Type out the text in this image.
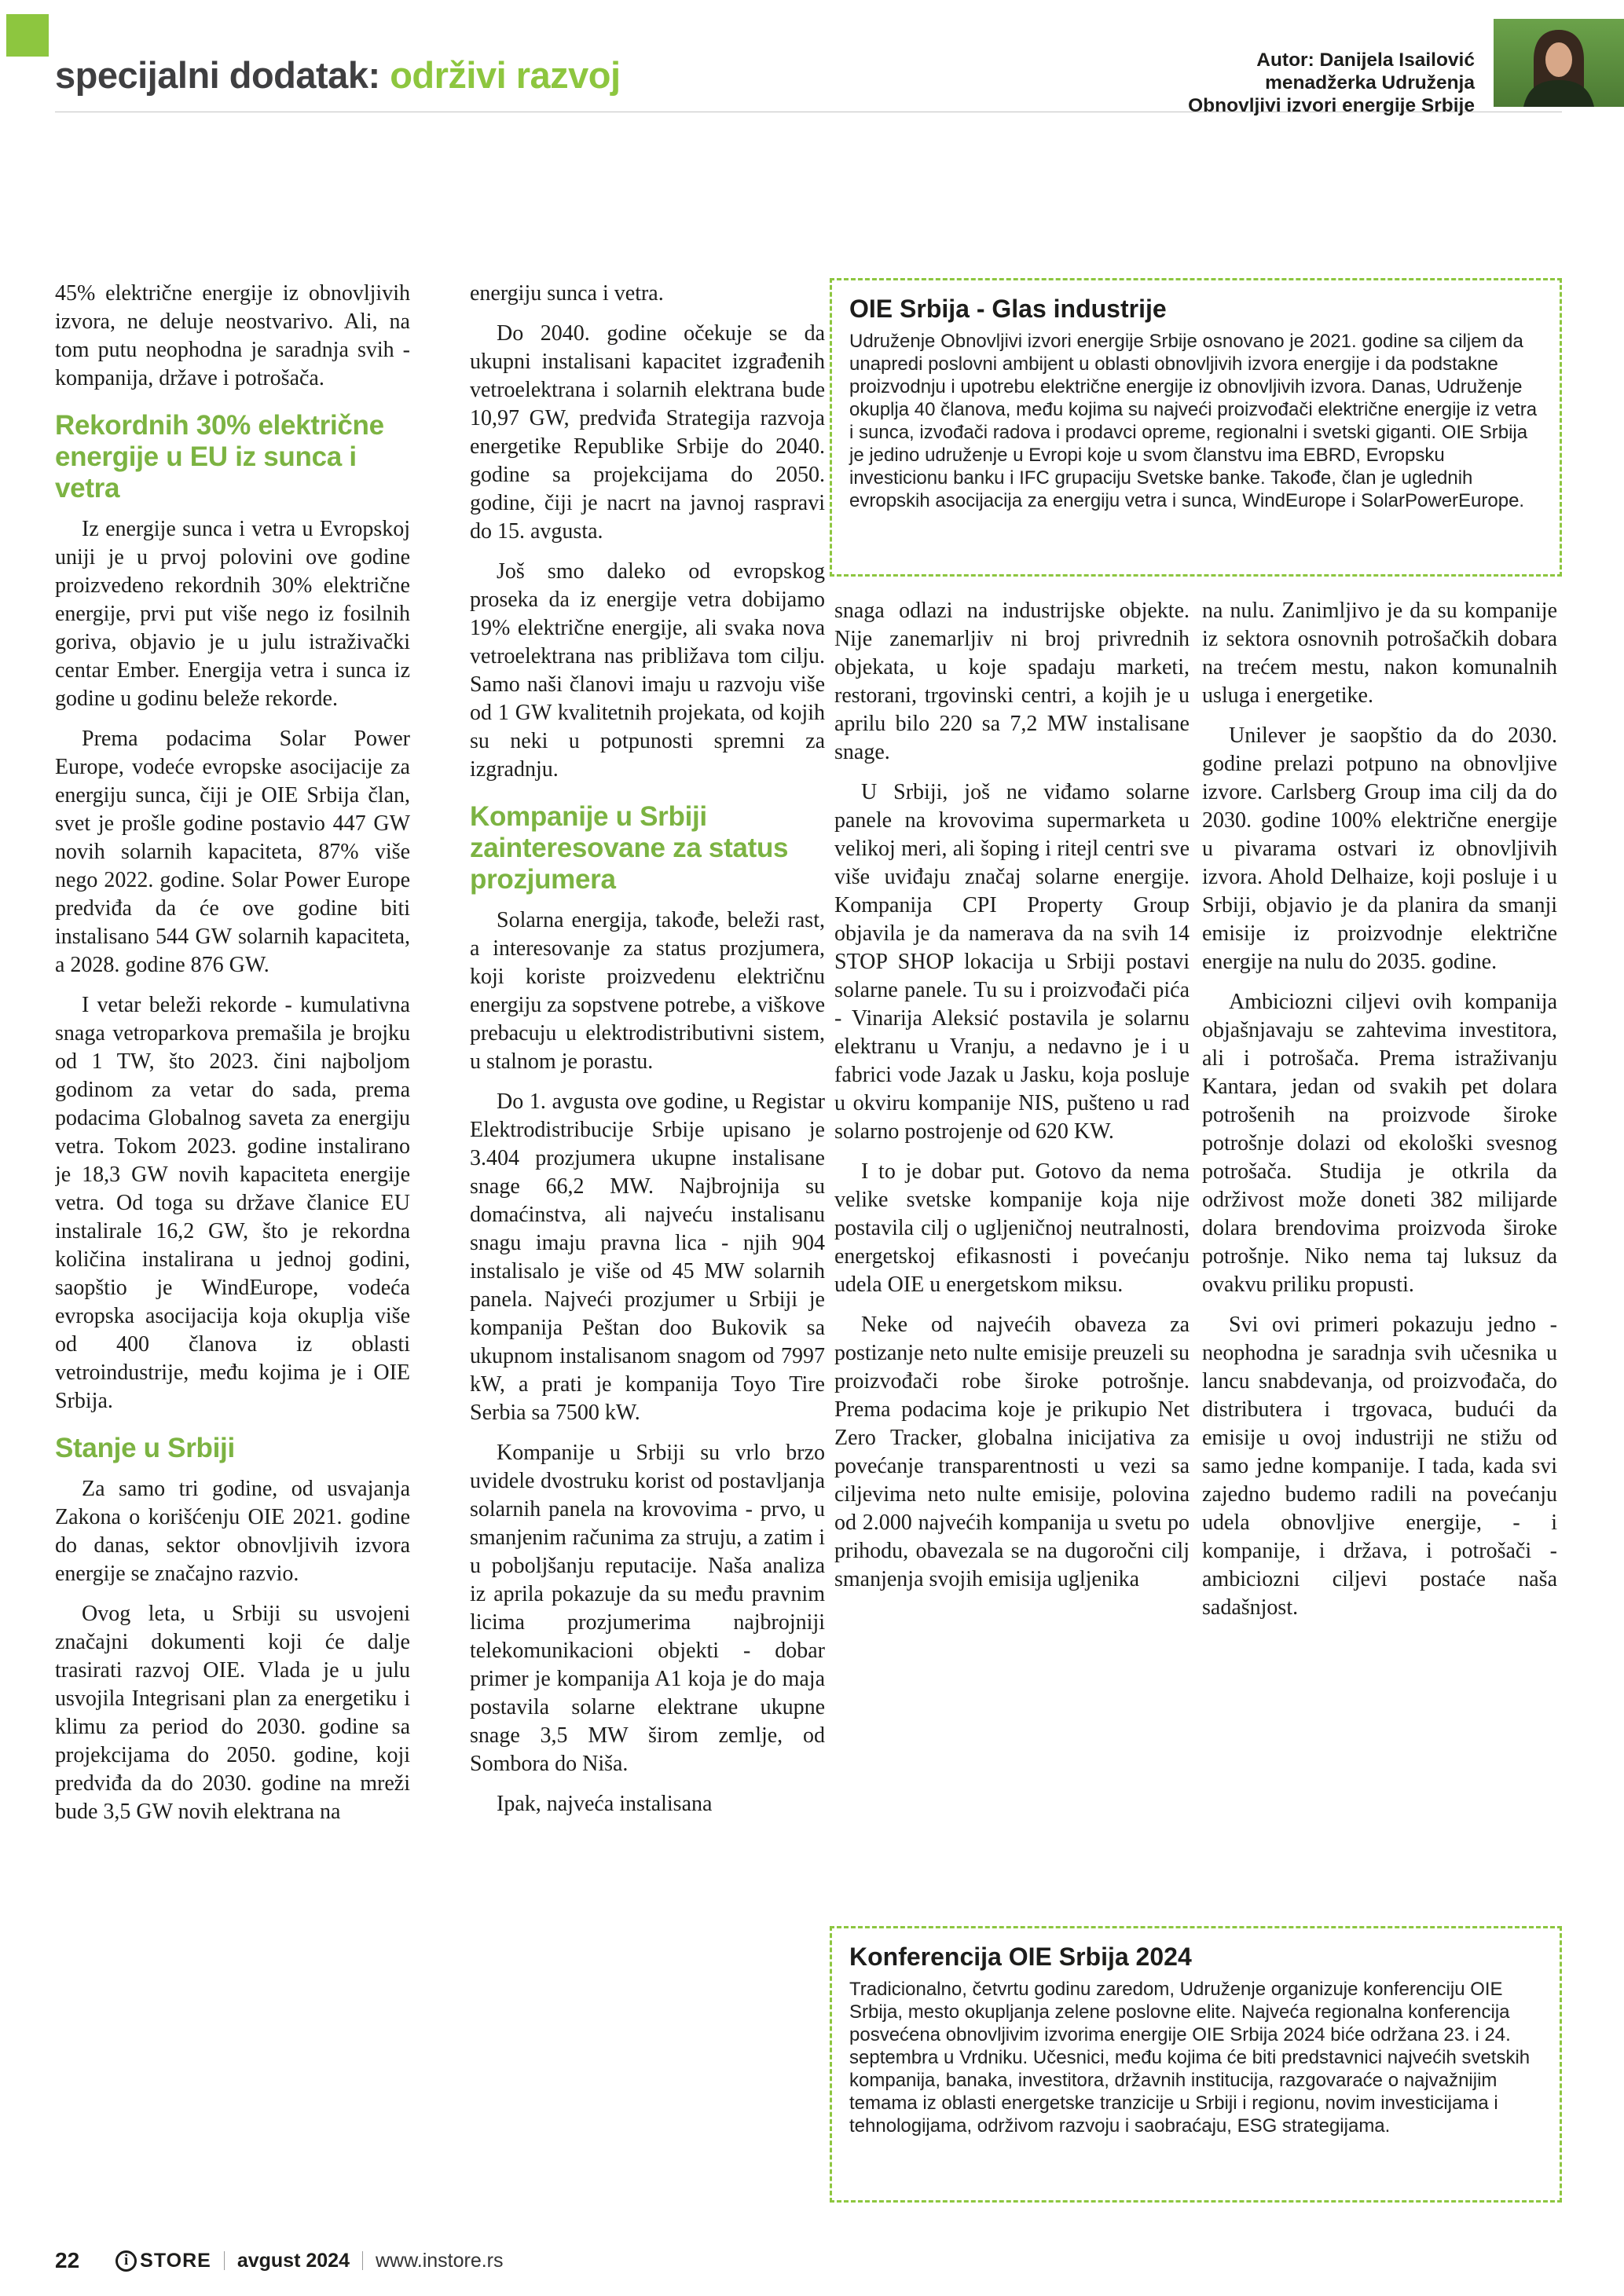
specijalni dodatak: održivi razvoj	Autor: Danijela Isailović
menadžerka Udruženja
Obnovljivi izvori energije Srbije

45% električne energije iz obnovljivih izvora, ne deluje neostvarivo. Ali, na tom putu neophodna je saradnja svih - kompanija, države i potrošača.

Rekordnih 30% električne energije u EU iz sunca i vetra

Iz energije sunca i vetra u Evropskoj uniji je u prvoj polovini ove godine proizvedeno rekordnih 30% električne energije, prvi put više nego iz fosilnih goriva, objavio je u julu istraživački centar Ember. Energija vetra i sunca iz godine u godinu beleže rekorde.

Prema podacima Solar Power Europe, vodeće evropske asocijacije za energiju sunca, čiji je OIE Srbija član, svet je prošle godine postavio 447 GW novih solarnih kapaciteta, 87% više nego 2022. godine. Solar Power Europe predviđa da će ove godine biti instalisano 544 GW solarnih kapaciteta, a 2028. godine 876 GW.

I vetar beleži rekorde - kumulativna snaga vetroparkova premašila je brojku od 1 TW, što 2023. čini najboljom godinom za vetar do sada, prema podacima Globalnog saveta za energiju vetra. Tokom 2023. godine instalirano je 18,3 GW novih kapaciteta energije vetra. Od toga su države članice EU instalirale 16,2 GW, što je rekordna količina instalirana u jednoj godini, saopštio je WindEurope, vodeća evropska asocijacija koja okuplja više od 400 članova iz oblasti vetroindustrije, među kojima je i OIE Srbija.

Stanje u Srbiji

Za samo tri godine, od usvajanja Zakona o korišćenju OIE 2021. godine do danas, sektor obnovljivih izvora energije se značajno razvio.

Ovog leta, u Srbiji su usvojeni značajni dokumenti koji će dalje trasirati razvoj OIE. Vlada je u julu usvojila Integrisani plan za energetiku i klimu za period do 2030. godine sa projekcijama do 2050. godine, koji predviđa da do 2030. godine na mreži bude 3,5 GW novih elektrana na

energiju sunca i vetra.

Do 2040. godine očekuje se da ukupni instalisani kapacitet izgrađenih vetroelektrana i solarnih elektrana bude 10,97 GW, predviđa Strategija razvoja energetike Republike Srbije do 2040. godine sa projekcijama do 2050. godine, čiji je nacrt na javnoj raspravi do 15. avgusta.

Još smo daleko od evropskog proseka da iz energije vetra dobijamo 19% električne energije, ali svaka nova vetroelektrana nas približava tom cilju. Samo naši članovi imaju u razvoju više od 1 GW kvalitetnih projekata, od kojih su neki u potpunosti spremni za izgradnju.

Kompanije u Srbiji zainteresovane za status prozjumera

Solarna energija, takođe, beleži rast, a interesovanje za status prozjumera, koji koriste proizvedenu električnu energiju za sopstvene potrebe, a viškove prebacuju u elektrodistributivni sistem, u stalnom je porastu.

Do 1. avgusta ove godine, u Registar Elektrodistribucije Srbije upisano je 3.404 prozjumera ukupne instalisane snage 66,2 MW. Najbrojnija su domaćinstva, ali najveću instalisanu snagu imaju pravna lica - njih 904 instalisalo je više od 45 MW solarnih panela. Najveći prozjumer u Srbiji je kompanija Peštan doo Bukovik sa ukupnom instalisanom snagom od 7997 kW, a prati je kompanija Toyo Tire Serbia sa 7500 kW.

Kompanije u Srbiji su vrlo brzo uvidele dvostruku korist od postavljanja solarnih panela na krovovima - prvo, u smanjenim računima za struju, a zatim i u poboljšanju reputacije. Naša analiza iz aprila pokazuje da su među pravnim licima prozjumerima najbrojniji telekomunikacioni objekti - dobar primer je kompanija A1 koja je do maja postavila solarne elektrane ukupne snage 3,5 MW širom zemlje, od Sombora do Niša.

Ipak, najveća instalisana

OIE Srbija - Glas industrije
Udruženje Obnovljivi izvori energije Srbije osnovano je 2021. godine sa ciljem da unapredi poslovni ambijent u oblasti obnovljivih izvora energije i da podstakne proizvodnju i upotrebu električne energije iz obnovljivih izvora. Danas, Udruženje okuplja 40 članova, među kojima su najveći proizvođači električne energije iz vetra i sunca, izvođači radova i prodavci opreme, regionalni i svetski giganti. OIE Srbija je jedino udruženje u Evropi koje u svom članstvu ima EBRD, Evropsku investicionu banku i IFC grupaciju Svetske banke. Takođe, član je uglednih evropskih asocijacija za energiju vetra i sunca, WindEurope i SolarPowerEurope.

snaga odlazi na industrijske objekte. Nije zanemarljiv ni broj privrednih objekata, u koje spadaju marketi, restorani, trgovinski centri, a kojih je u aprilu bilo 220 sa 7,2 MW instalisane snage.

U Srbiji, još ne viđamo solarne panele na krovovima supermarketa u velikoj meri, ali šoping i ritejl centri sve više uviđaju značaj solarne energije. Kompanija CPI Property Group objavila je da namerava da na svih 14 STOP SHOP lokacija u Srbiji postavi solarne panele. Tu su i proizvođači pića - Vinarija Aleksić postavila je solarnu elektranu u Vranju, a nedavno je i u fabrici vode Jazak u Jasku, koja posluje u okviru kompanije NIS, pušteno u rad solarno postrojenje od 620 KW.

I to je dobar put. Gotovo da nema velike svetske kompanije koja nije postavila cilj o ugljeničnoj neutralnosti, energetskoj efikasnosti i povećanju udela OIE u energetskom miksu.

Neke od najvećih obaveza za postizanje neto nulte emisije preuzeli su proizvođači robe široke potrošnje. Prema podacima koje je prikupio Net Zero Tracker, globalna inicijativa za povećanje transparentnosti u vezi sa ciljevima neto nulte emisije, polovina od 2.000 najvećih kompanija u svetu po prihodu, obavezala se na dugoročni cilj smanjenja svojih emisija ugljenika

na nulu. Zanimljivo je da su kompanije iz sektora osnovnih potrošačkih dobara na trećem mestu, nakon komunalnih usluga i energetike.

Unilever je saopštio da do 2030. godine prelazi potpuno na obnovljive izvore. Carlsberg Group ima cilj da do 2030. godine 100% električne energije u pivarama ostvari iz obnovljivih izvora. Ahold Delhaize, koji posluje i u Srbiji, objavio je da planira da smanji emisije iz proizvodnje električne energije na nulu do 2035. godine.

Ambiciozni ciljevi ovih kompanija objašnjavaju se zahtevima investitora, ali i potrošača. Prema istraživanju Kantara, jedan od svakih pet dolara potrošenih na proizvode široke potrošnje dolazi od ekološki svesnog potrošača. Studija je otkrila da održivost može doneti 382 milijarde dolara brendovima proizvoda široke potrošnje. Niko nema taj luksuz da ovakvu priliku propusti.

Svi ovi primeri pokazuju jedno - neophodna je saradnja svih učesnika u lancu snabdevanja, od proizvođača, do distributera i trgovaca, budući da emisije u ovoj industriji ne stižu od samo jedne kompanije. I tada, kada svi zajedno budemo radili na povećanju udela obnovljive energije, - i kompanije, i država, i potrošači - ambiciozni ciljevi postaće naša sadašnjost.

Konferencija OIE Srbija 2024
Tradicionalno, četvrtu godinu zaredom, Udruženje organizuje konferenciju OIE Srbija, mesto okupljanja zelene poslovne elite. Najveća regionalna konferencija posvećena obnovljivim izvorima energije OIE Srbija 2024 biće održana 23. i 24. septembra u Vrdniku. Učesnici, među kojima će biti predstavnici najvećih svetskih kompanija, banaka, investitora, državnih institucija, razgovaraće o najvažnijim temama iz oblasti energetske tranzicije u Srbiji i regionu, novim investicijama i tehnologijama, održivom razvoju i saobraćaju, ESG strategijama.
22	i STORE avgust 2024 www.instore.rs
